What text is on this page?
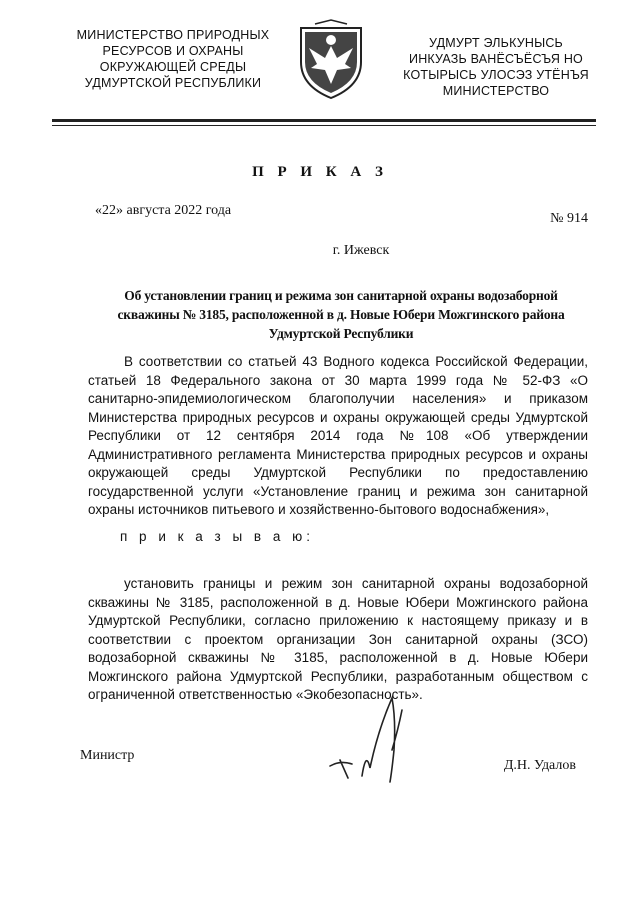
МИНИСТЕРСТВО ПРИРОДНЫХ
РЕСУРСОВ И ОХРАНЫ
ОКРУЖАЮЩЕЙ СРЕДЫ
УДМУРТСКОЙ РЕСПУБЛИКИ
УДМУРТ ЭЛЬКУНЫСЬ
ИНКУАЗЬ ВАНЁСЪЁСЪЯ НО
КОТЫРЫСЬ УЛОСЭЗ УТЁНЪЯ
МИНИСТЕРСТВО
П Р И К А З
«22» августа 2022 года
№ 914
г. Ижевск
Об установлении границ и режима зон санитарной охраны водозаборной скважины № 3185, расположенной в д. Новые Юбери Можгинского района Удмуртской Республики
В соответствии со статьей 43 Водного кодекса Российской Федерации, статьей 18 Федерального закона от 30 марта 1999 года № 52-ФЗ «О санитарно-эпидемиологическом благополучии населения» и приказом Министерства природных ресурсов и охраны окружающей среды Удмуртской Республики от 12 сентября 2014 года №108 «Об утверждении Административного регламента Министерства природных ресурсов и охраны окружающей среды Удмуртской Республики по предоставлению государственной услуги «Установление границ и режима зон санитарной охраны источников питьевого и хозяйственно-бытового водоснабжения»,
п р и к а з ы в а ю:
установить границы и режим зон санитарной охраны водозаборной скважины № 3185, расположенной в д. Новые Юбери Можгинского района Удмуртской Республики, согласно приложению к настоящему приказу и в соответствии с проектом организации Зон санитарной охраны (ЗСО) водозаборной скважины № 3185, расположенной в д. Новые Юбери Можгинского района Удмуртской Республики, разработанным обществом с ограниченной ответственностью «Экобезопасность».
Министр
Д.Н. Удалов
